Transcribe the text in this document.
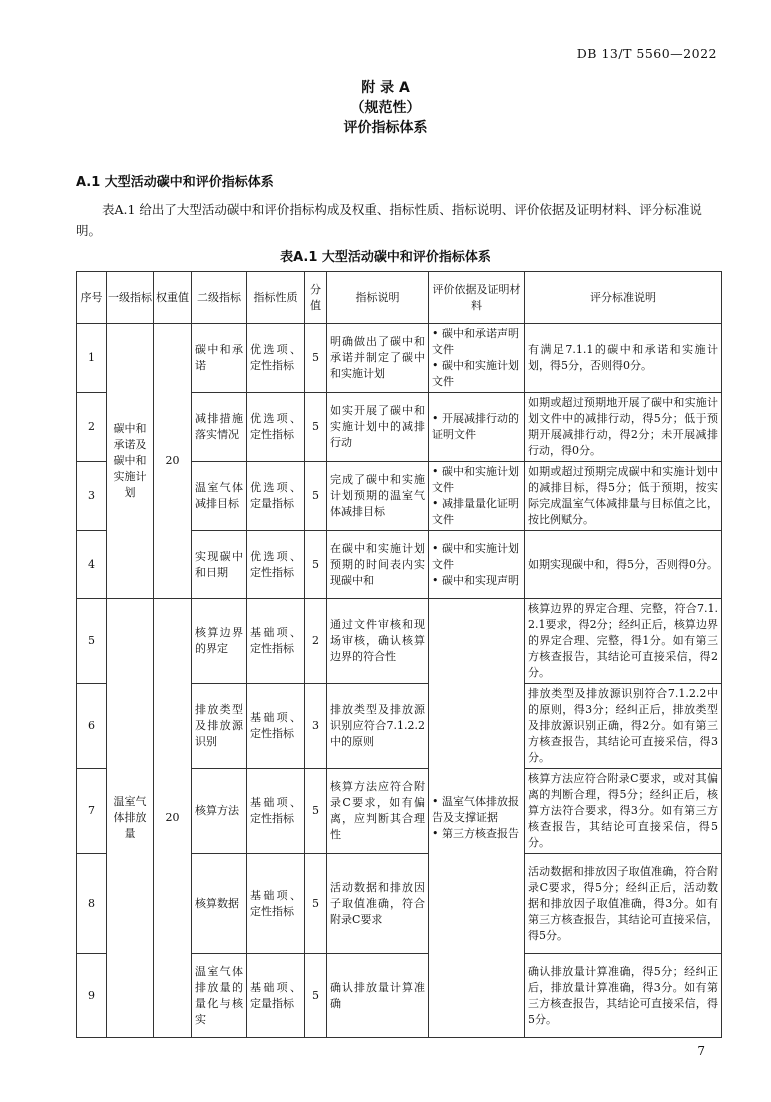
DB 13/T 5560—2022
附 录 A
（规范性）
评价指标体系
A.1 大型活动碳中和评价指标体系
表A.1 给出了大型活动碳中和评价指标构成及权重、指标性质、指标说明、评价依据及证明材料、评分标准说明。
表A.1 大型活动碳中和评价指标体系
序号	一级指标	权重值	二级指标	指标性质	分值	指标说明	评价依据及证明材料	评分标准说明
1	碳中和承诺及碳中和实施计划	20	碳中和承诺	优选项、定性指标	5	明确做出了碳中和承诺并制定了碳中和实施计划	• 碳中和承诺声明文件
• 碳中和实施计划文件	有满足7.1.1的碳中和承诺和实施计划，得5分，否则得0分。
2			减排措施落实情况	优选项、定性指标	5	如实开展了碳中和实施计划中的减排行动	• 开展减排行动的证明文件	如期或超过预期地开展了碳中和实施计划文件中的减排行动，得5分；低于预期开展减排行动，得2分；未开展减排行动，得0分。
3			温室气体减排目标	优选项、定量指标	5	完成了碳中和实施计划预期的温室气体减排目标	• 碳中和实施计划文件
• 减排量量化证明文件	如期或超过预期完成碳中和实施计划中的减排目标，得5分；低于预期，按实际完成温室气体减排量与目标值之比，按比例赋分。
4			实现碳中和日期	优选项、定性指标	5	在碳中和实施计划预期的时间表内实现碳中和	• 碳中和实施计划文件
• 碳中和实现声明	如期实现碳中和，得5分，否则得0分。
5	温室气体排放量	20	核算边界的界定	基础项、定性指标	2	通过文件审核和现场审核，确认核算边界的符合性	• 温室气体排放报告及支撑证据
• 第三方核查报告	核算边界的界定合理、完整，符合7.1.2.1要求，得2分；经纠正后，核算边界的界定合理、完整，得1分。如有第三方核查报告，其结论可直接采信，得2分。
6			排放类型及排放源识别	基础项、定性指标	3	排放类型及排放源识别应符合7.1.2.2中的原则		排放类型及排放源识别符合7.1.2.2中的原则，得3分；经纠正后，排放类型及排放源识别正确，得2分。如有第三方核查报告，其结论可直接采信，得3分。
7			核算方法	基础项、定性指标	5	核算方法应符合附录C要求，如有偏离，应判断其合理性		核算方法应符合附录C要求，或对其偏离的判断合理，得5分；经纠正后，核算方法符合要求，得3分。如有第三方核查报告，其结论可直接采信，得5分。
8			核算数据	基础项、定性指标	5	活动数据和排放因子取值准确，符合附录C要求		活动数据和排放因子取值准确，符合附录C要求，得5分；经纠正后，活动数据和排放因子取值准确，得3分。如有第三方核查报告，其结论可直接采信，得5分。
9			温室气体排放量的量化与核实	基础项、定量指标	5	确认排放量计算准确		确认排放量计算准确，得5分；经纠正后，排放量计算准确，得3分。如有第三方核查报告，其结论可直接采信，得5分。
7
